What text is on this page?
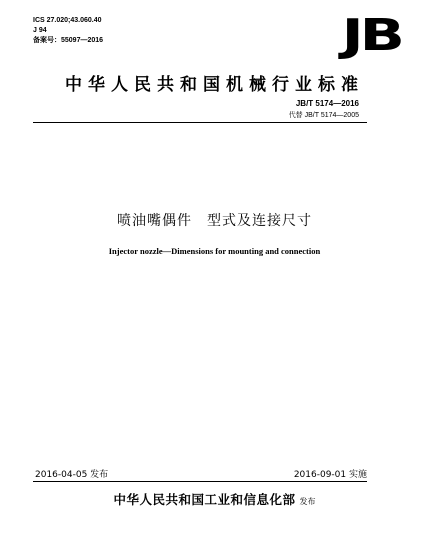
ICS 27.020;43.060.40
J 94
备案号：55097—2016	JB
中华人民共和国机械行业标准
JB/T 5174—2016
代替 JB/T 5174—2005
喷油嘴偶件　型式及连接尺寸
Injector nozzle—Dimensions for mounting and connection
2016-04-05 发布	2016-09-01 实施
中华人民共和国工业和信息化部 发布
